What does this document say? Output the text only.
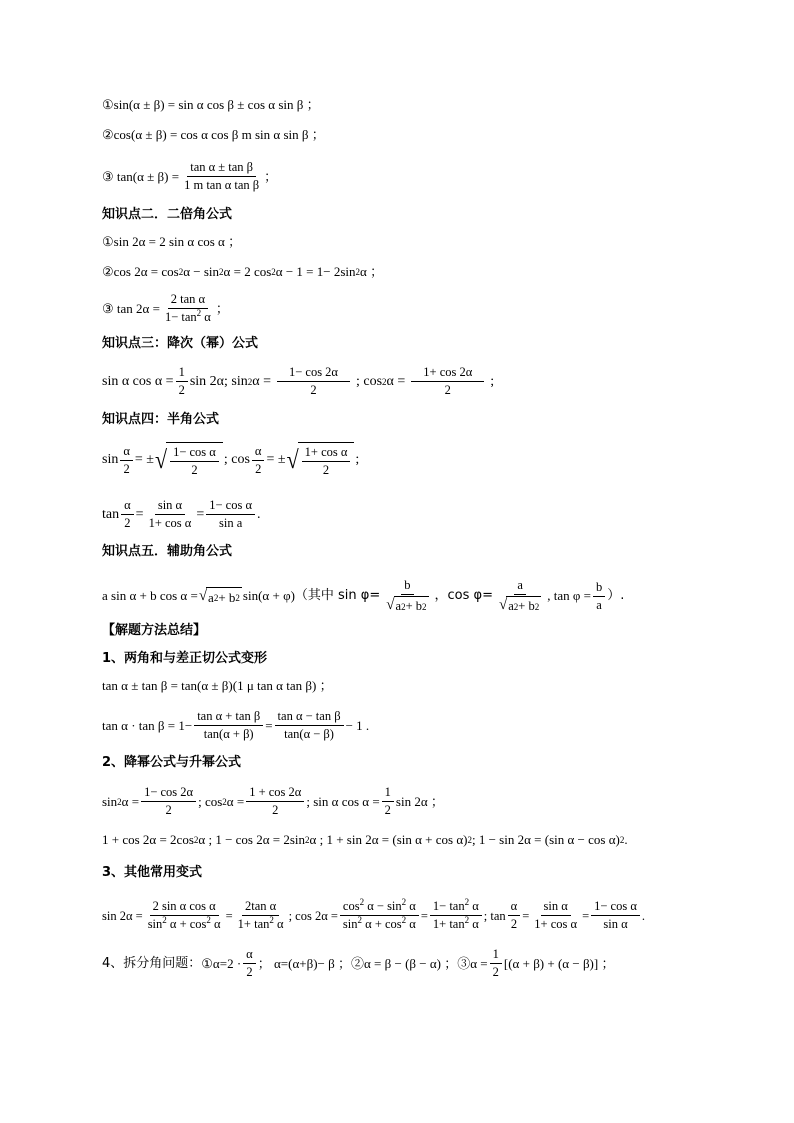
①sin(α ± β) = sin α cos β ± cos α sin β ；
②cos(α ± β) = cos α cos β m sin α sin β ；
③ $\tan(\alpha \pm \beta) = \frac{\text{tan α ± tan β}}{\text{1 m tan α tan β}}$ ；
知识点二．二倍角公式
①sin 2α = 2 sin α cos α ；
②cos 2α = cos 2 α − sin 2 α = 2 cos 2 α − 1 = 1− 2sin 2 α ；
③ $\tan 2\alpha = \frac{\text{2 tan α}}{1- \tan^2 \alpha}$ ；
知识点三：降次（幂）公式
sin α $\cos \alpha = \frac{1}{2}$ sin 2α; sin 2 $\alpha = \frac{1- \cos 2\alpha}{2}$ ; cos 2 $\alpha = \frac{1+ \cos 2\alpha}{2}$ ;
知识点四：半角公式
$\sin \frac{\alpha}{2}$ = ± √ $\frac{\text{1− cos α}}{2}$ ; $\cos \frac{\alpha}{2}$ = ± √ $\frac{\text{1+ cos α}}{2}$ ;
$\tan \frac{\alpha}{2} = \frac{\text{sin α}}{\text{1+ cos α}} = \frac{\text{1− cos α}}{\text{sin a}}$ .
知识点五．辅助角公式
a sin α + b cos α = √ a 2 + b 2 sin(α + φ) （其中 $\sin \varphi= \frac{b}{√ a 2 + b 2}$ ，$\cos \varphi= \frac{a}{√ a 2 + b 2}$ , $\tan \varphi = \frac{b}{a}$ ）.
【解题方法总结】
1、两角和与差正切公式变形
tan α ± tan β = tan(α ± β)(1 μ tan α tan β) ；
$\tan \alpha \cdot \tan \beta = 1- \frac{\text{tan α + tan β}}{\tan(\alpha + \beta)} = \frac{\text{tan α − tan β}}{\tan(\alpha - \beta)} - 1$ .
2、降幂公式与升幂公式
sin 2 $\alpha = \frac{1- \cos 2\alpha}{2}$ ; cos 2 $\alpha = \frac{1 + \cos 2\alpha}{2}$ ; sin α $\cos \alpha = \frac{1}{2}$ sin 2α ；
1 + cos 2α = 2cos 2 α ; 1 − cos 2α = 2sin 2 α ; 1 + sin 2α = (sin α + cos α) 2 ; 1 − sin 2α = (sin α − cos α) 2 .
3、其他常用变式
$\sin 2\alpha = \frac{\text{2 sin α cos α}}{\sin^2 \alpha + \cos^2 \alpha} = \frac{\text{2tan α}}{1+ \tan^2 \alpha}$ ; $\cos 2\alpha = \frac{\cos^2 \alpha - \sin^2 \alpha}{\sin^2 \alpha + \cos^2 \alpha} = \frac{1- \tan^2 \alpha}{1+ \tan^2 \alpha}$ ; $\tan \frac{\alpha}{2} = \frac{\text{sin α}}{\text{1+ cos α}} = \frac{\text{1− cos α}}{\text{sin α}}$ .
4、拆分角问题： ①α=2 · $\frac{\alpha}{2}$ ； α=(α+β)− β ；②α = β − (β − α) ；③α = $\frac{1}{2} [(\alpha + \beta) + (\alpha - \beta)]$ ；
